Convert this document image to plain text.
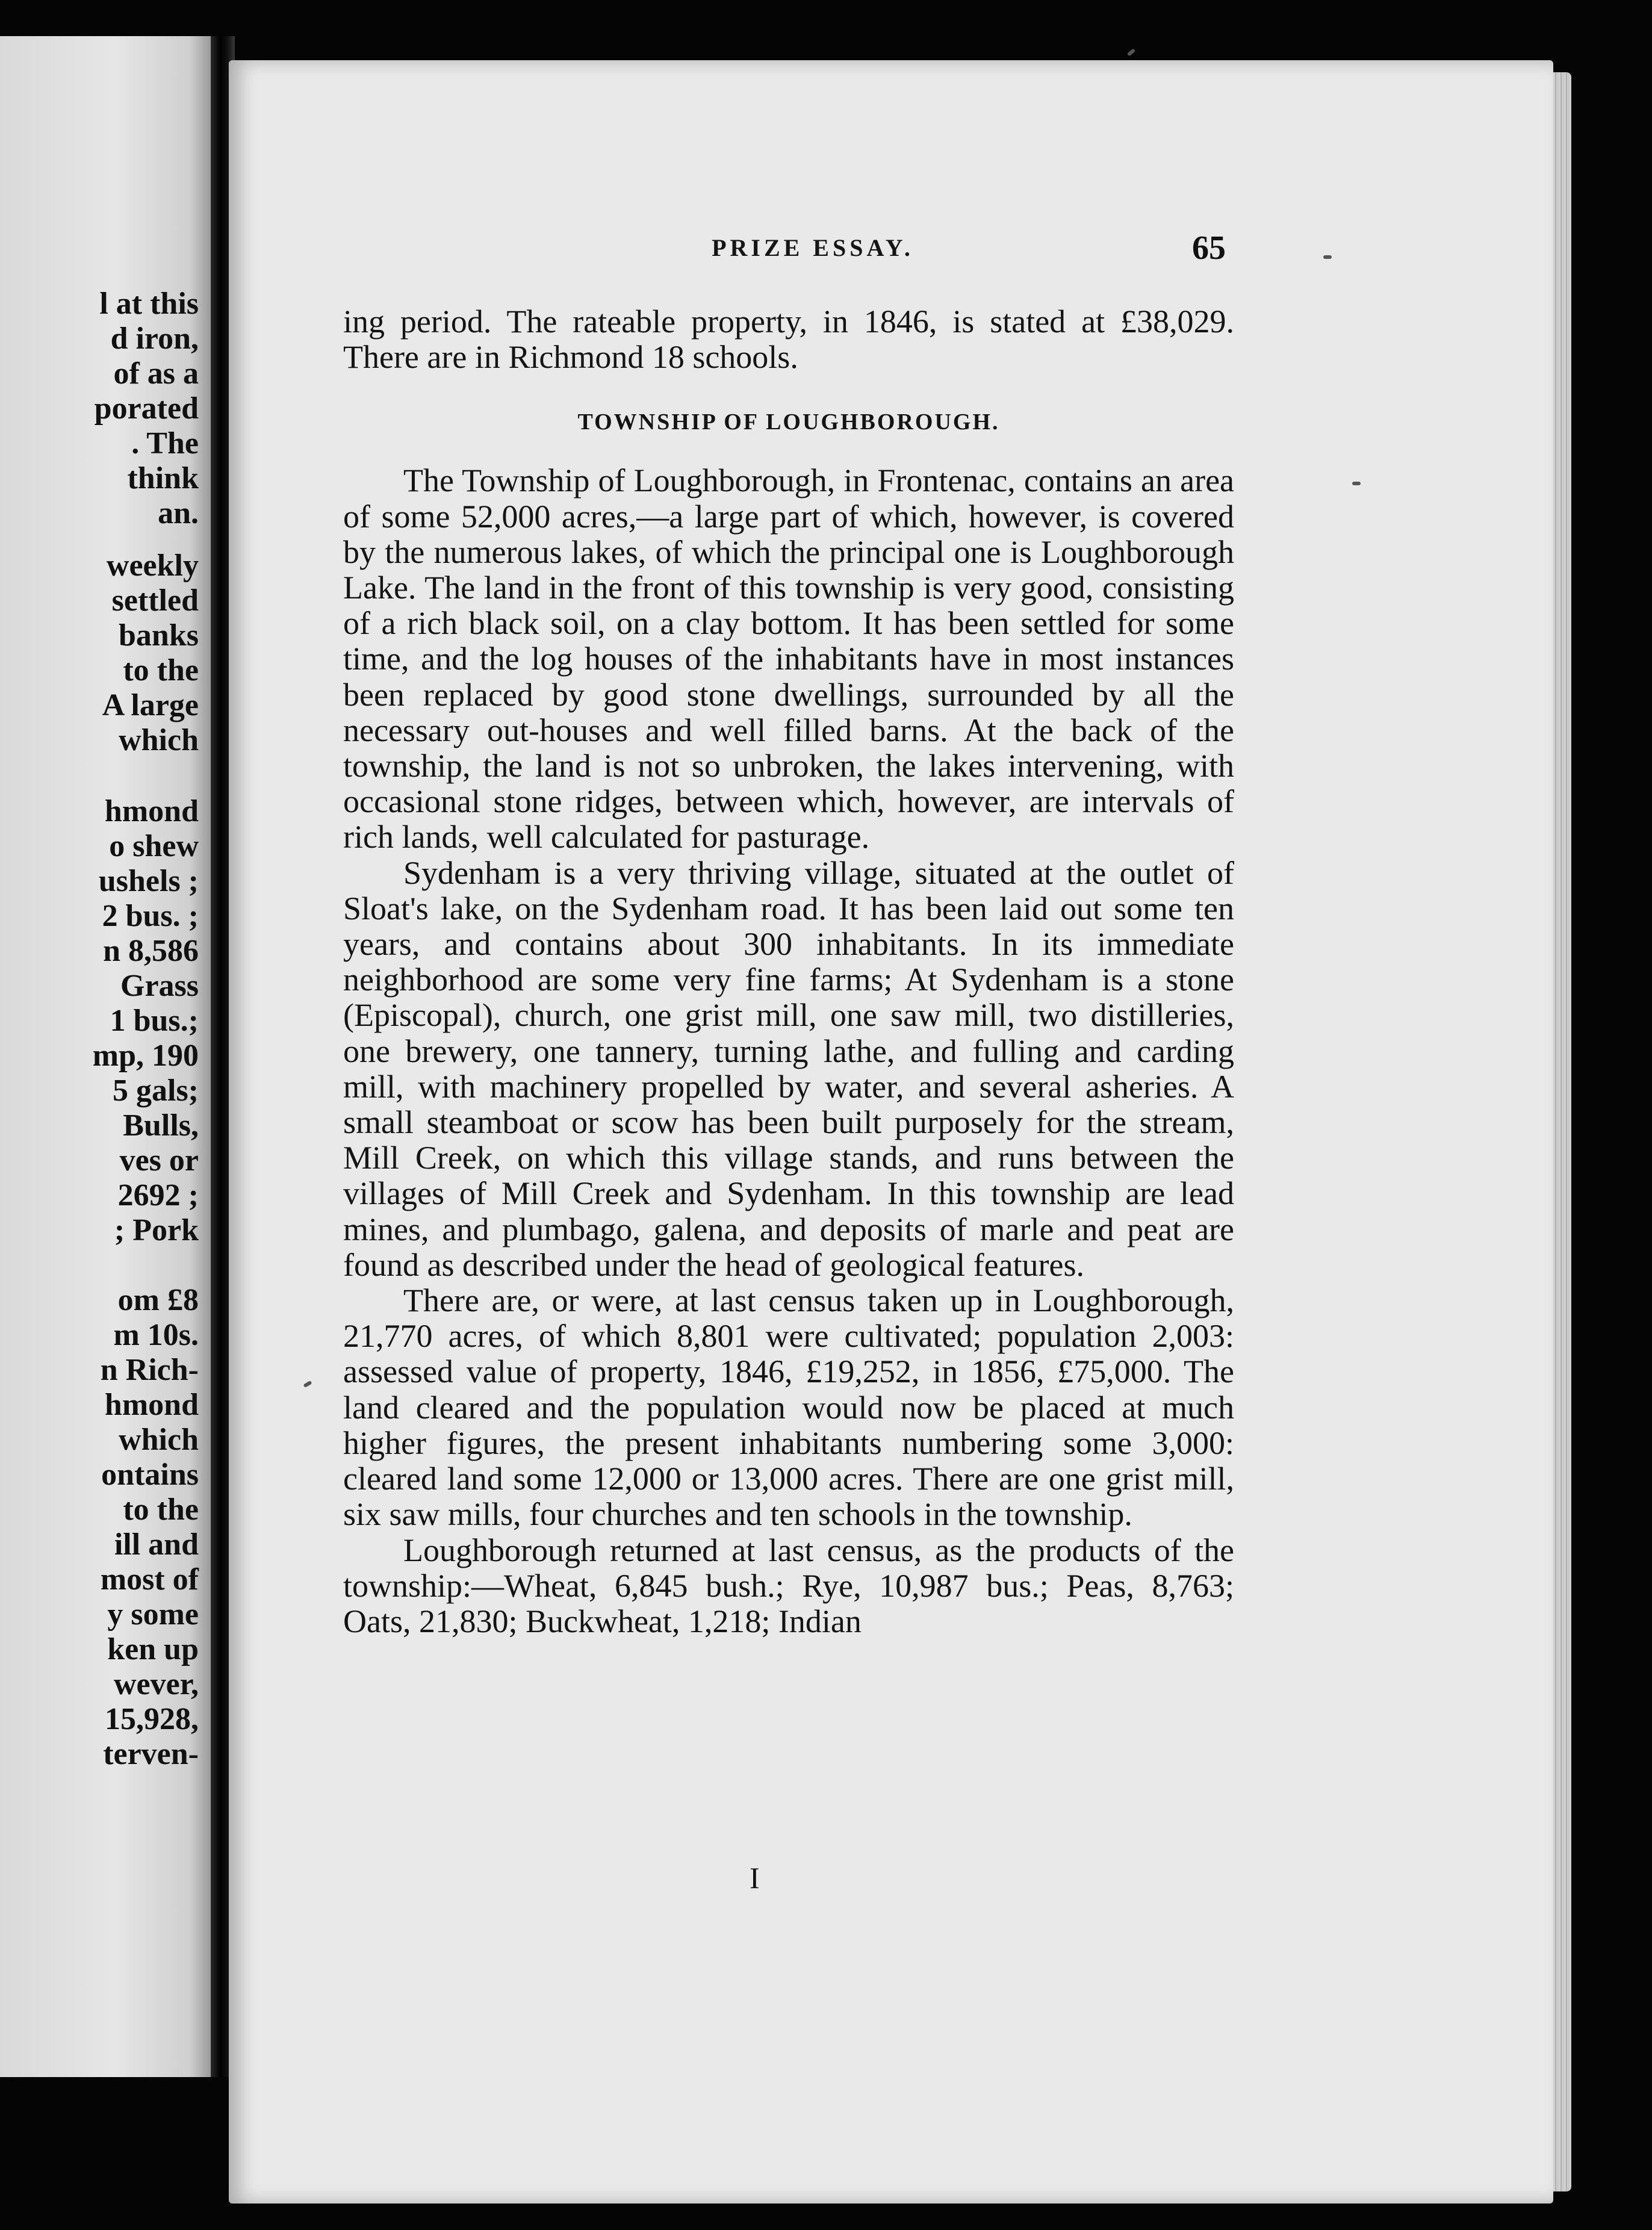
l at this
d iron,
of as a
porated
. The
think
an.
weekly
settled
banks
to the
A large
which
hmond
o shew
ushels ;
2 bus. ;
n 8,586
Grass
1 bus.;
mp, 190
5 gals;
Bulls,
ves or
2692 ;
; Pork
om £8
m 10s.
n Rich-
hmond
which
ontains
to the
ill and
most of
y some
ken up
wever,
15,928,
terven-
PRIZE ESSAY.	65

ing period. The rateable property, in 1846, is stated at £38,029. There are in Richmond 18 schools.

TOWNSHIP OF LOUGHBOROUGH.

The Township of Loughborough, in Frontenac, contains an area of some 52,000 acres,—a large part of which, however, is covered by the numerous lakes, of which the principal one is Loughborough Lake. The land in the front of this township is very good, consisting of a rich black soil, on a clay bottom. It has been settled for some time, and the log houses of the inhabitants have in most instances been replaced by good stone dwellings, surrounded by all the necessary out-houses and well filled barns. At the back of the township, the land is not so unbroken, the lakes intervening, with occasional stone ridges, between which, however, are intervals of rich lands, well calculated for pasturage.

Sydenham is a very thriving village, situated at the outlet of Sloat's lake, on the Sydenham road. It has been laid out some ten years, and contains about 300 inhabitants. In its immediate neighborhood are some very fine farms; At Sydenham is a stone (Episcopal), church, one grist mill, one saw mill, two distilleries, one brewery, one tannery, turning lathe, and fulling and carding mill, with machinery propelled by water, and several asheries. A small steamboat or scow has been built purposely for the stream, Mill Creek, on which this village stands, and runs between the villages of Mill Creek and Sydenham. In this township are lead mines, and plumbago, galena, and deposits of marle and peat are found as described under the head of geological features.

There are, or were, at last census taken up in Loughborough, 21,770 acres, of which 8,801 were cultivated; population 2,003: assessed value of property, 1846, £19,252, in 1856, £75,000. The land cleared and the population would now be placed at much higher figures, the present inhabitants numbering some 3,000: cleared land some 12,000 or 13,000 acres. There are one grist mill, six saw mills, four churches and ten schools in the township.

Loughborough returned at last census, as the products of the township:—Wheat, 6,845 bush.; Rye, 10,987 bus.; Peas, 8,763; Oats, 21,830; Buckwheat, 1,218; Indian

I
